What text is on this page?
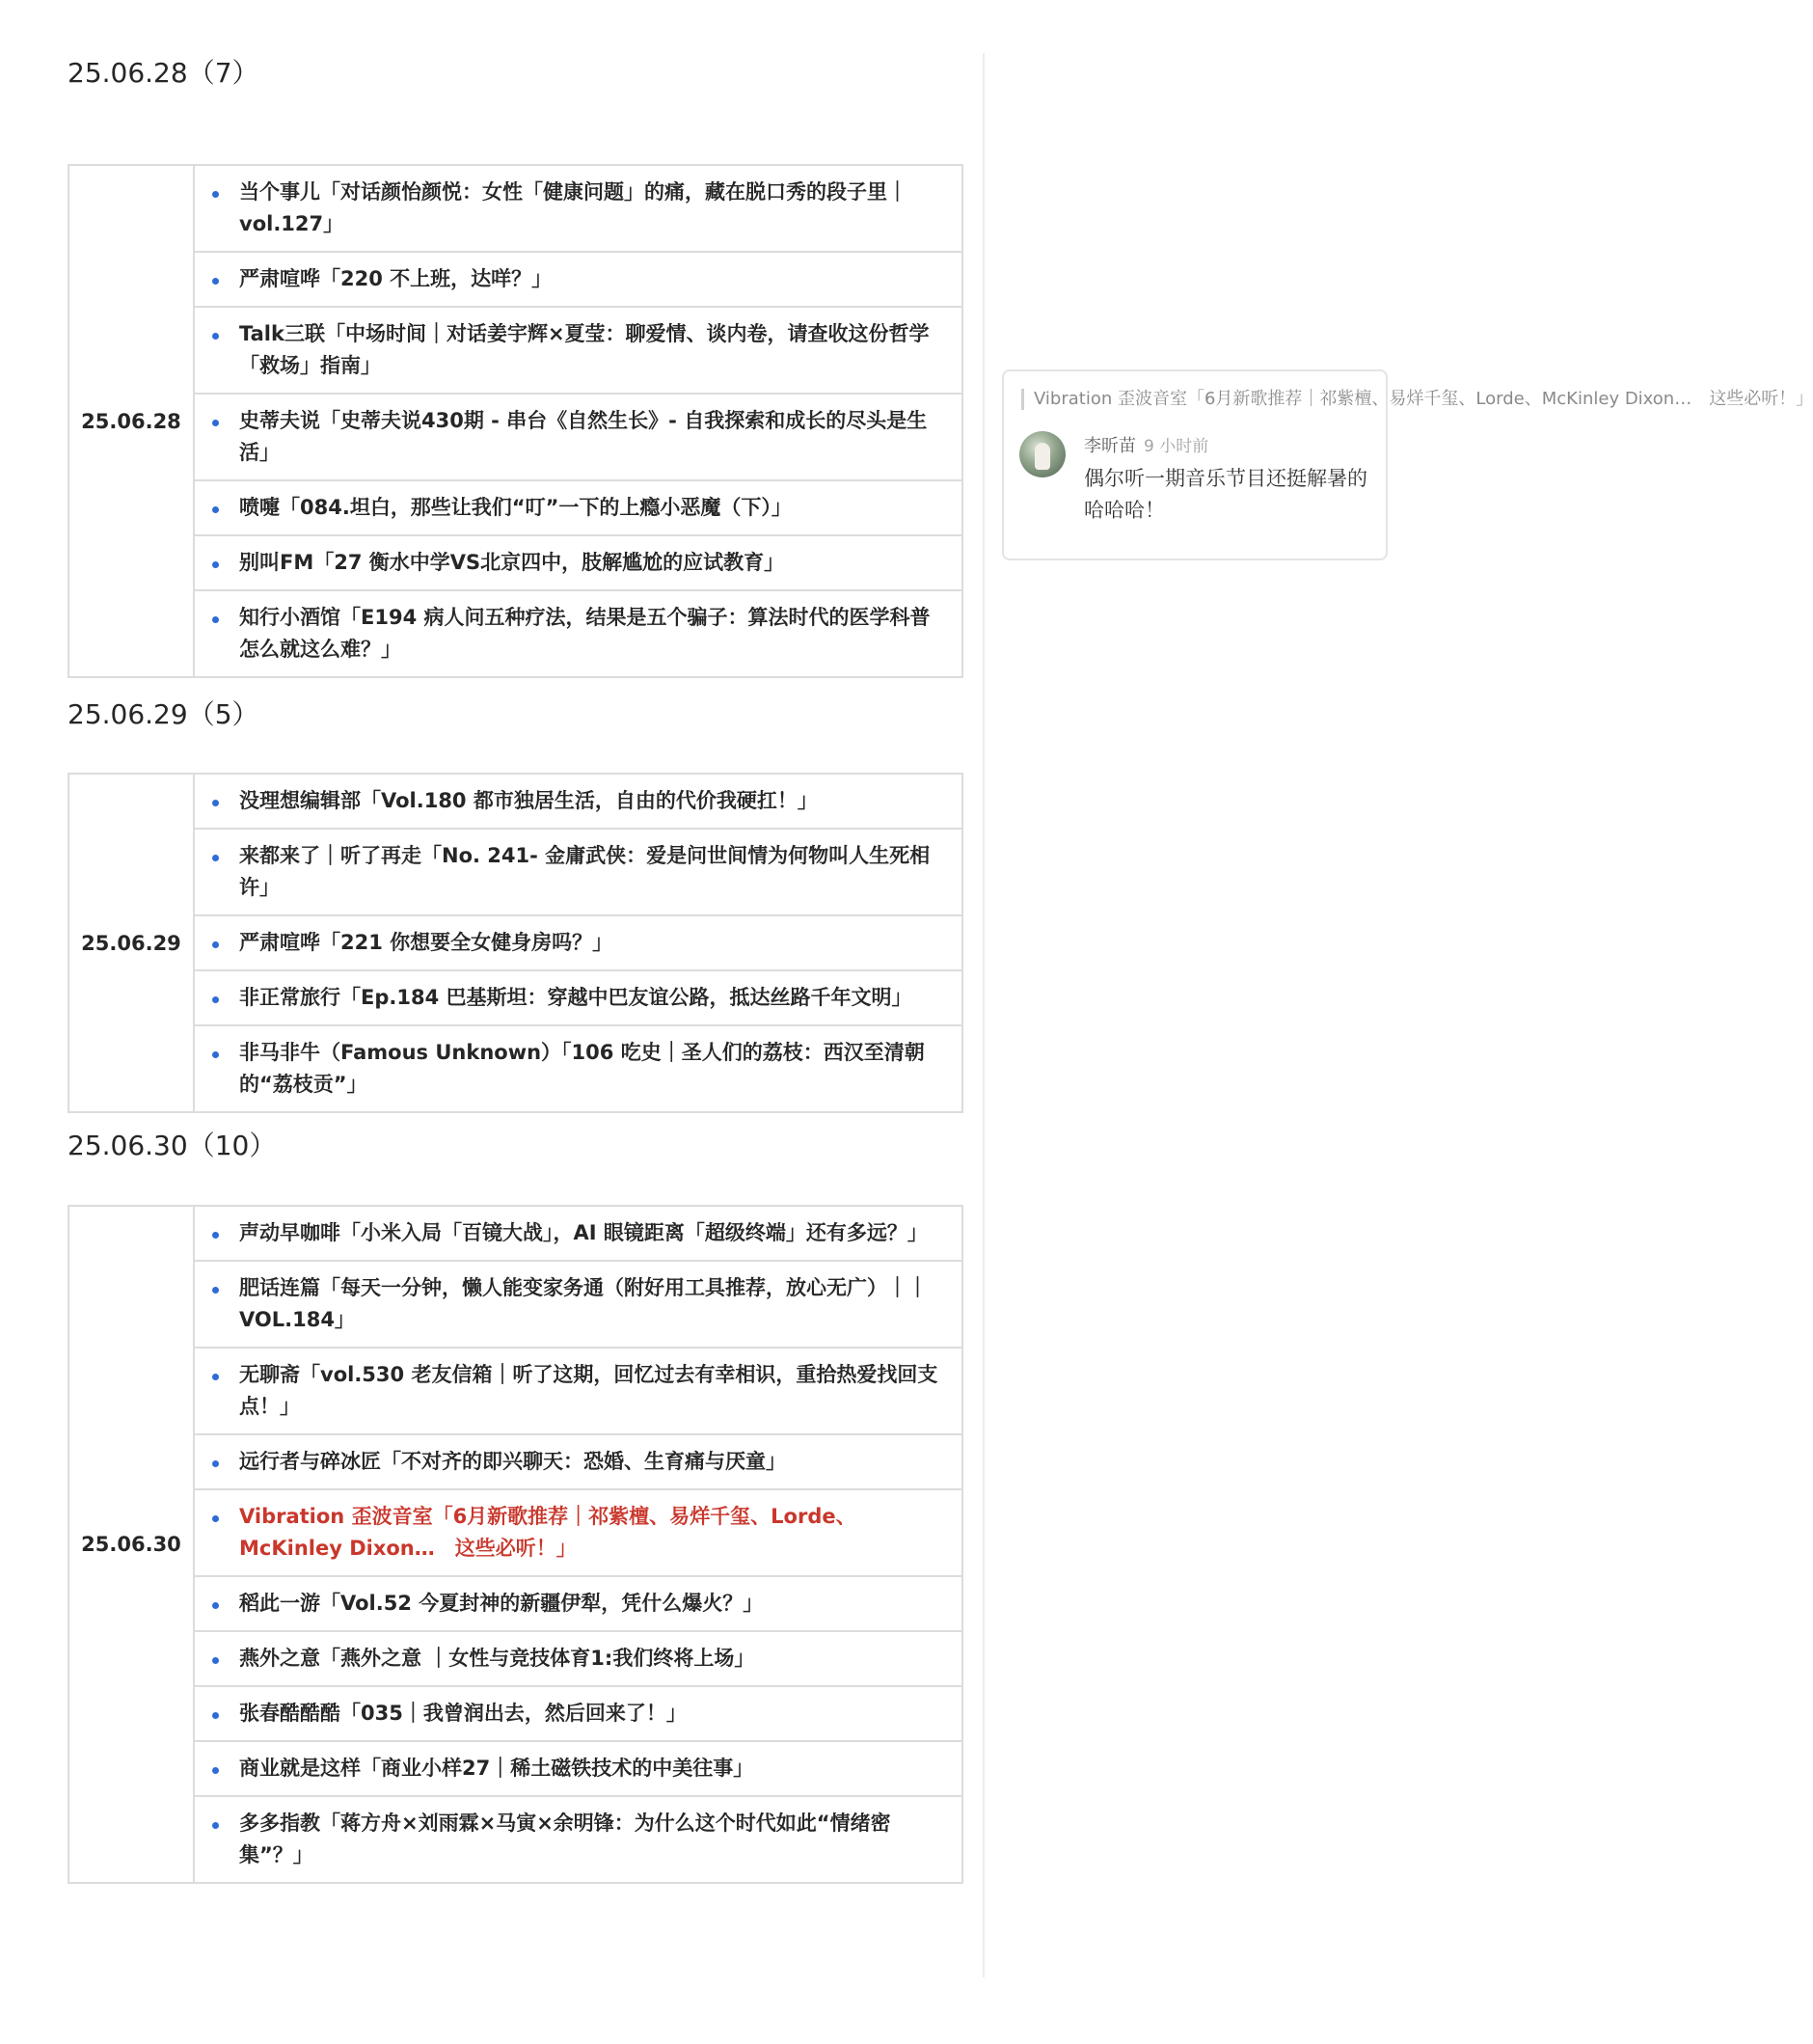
25.06.28（7）
25.06.28	
当个事儿「对话颜怡颜悦：女性「健康问题」的痛，藏在脱口秀的段子里｜vol.127」
严肃喧哗「220 不上班，达咩？」
Talk三联「中场时间｜对话姜宇辉×夏莹：聊爱情、谈内卷，请查收这份哲学「救场」指南」
史蒂夫说「史蒂夫说430期 - 串台《自然生长》- 自我探索和成长的尽头是生活」
喷嚏「084.坦白，那些让我们“叮”一下的上瘾小恶魔（下）」
别叫FM「27 衡水中学VS北京四中，肢解尴尬的应试教育」
知行小酒馆「E194 病人问五种疗法，结果是五个骗子：算法时代的医学科普怎么就这么难？」
25.06.29（5）
25.06.29	
没理想编辑部「Vol.180 都市独居生活，自由的代价我硬扛！」
来都来了｜听了再走「No. 241- 金庸武侠：爱是问世间情为何物叫人生死相许」
严肃喧哗「221 你想要全女健身房吗？」
非正常旅行「Ep.184 巴基斯坦：穿越中巴友谊公路，抵达丝路千年文明」
非马非牛（Famous Unknown）「106 吃史｜圣人们的荔枝：西汉至清朝的“荔枝贡”」
25.06.30（10）
25.06.30	
声动早咖啡「小米入局「百镜大战」，AI 眼镜距离「超级终端」还有多远？」
肥话连篇「每天一分钟，懒人能变家务通（附好用工具推荐，放心无广）｜｜VOL.184」
无聊斋「vol.530 老友信箱｜听了这期，回忆过去有幸相识，重拾热爱找回支点！」
远行者与碎冰匠「不对齐的即兴聊天：恐婚、生育痛与厌童」
Vibration 歪波音室「6月新歌推荐｜祁紫檀、易烊千玺、Lorde、McKinley Dixon…　这些必听！」
稻此一游「Vol.52 今夏封神的新疆伊犁，凭什么爆火？」
燕外之意「燕外之意 ｜女性与竞技体育1:我们终将上场」
张春酷酷酷「035｜我曾润出去，然后回来了！」
商业就是这样「商业小样27｜稀土磁铁技术的中美往事」
多多指教「蒋方舟×刘雨霖×马寅×余明锋：为什么这个时代如此“情绪密集”？」
Vibration 歪波音室「6月新歌推荐｜祁紫檀、易烊千玺、Lorde、McKinley Dixon…　这些必听！」
李昕苗 9 小时前
偶尔听一期音乐节目还挺解暑的哈哈哈！
